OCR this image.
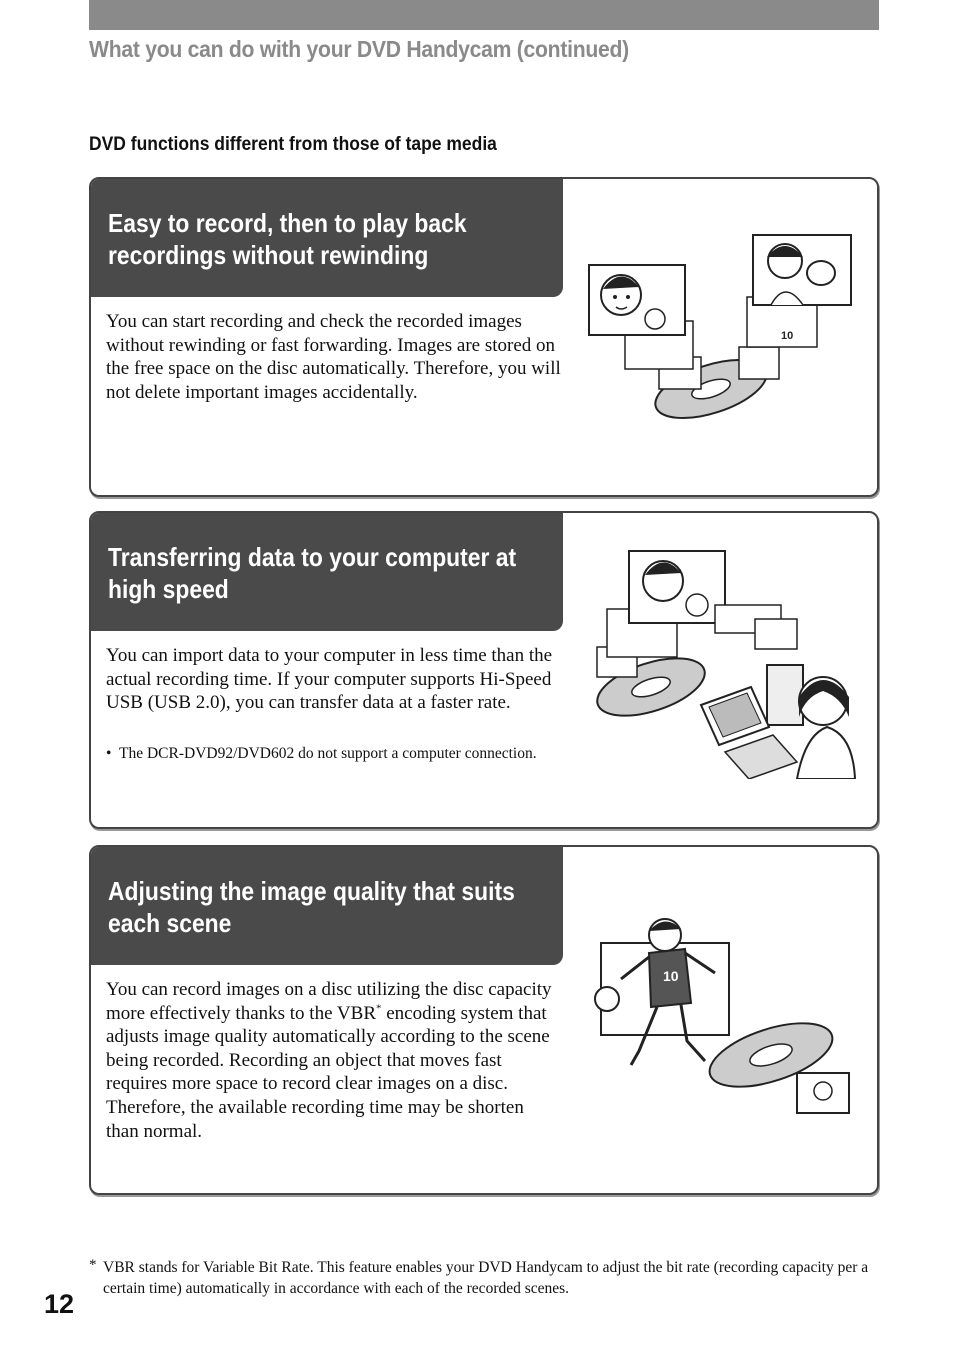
What you can do with your DVD Handycam (continued)
DVD functions different from those of tape media
Easy to record, then to play back recordings without rewinding

You can start recording and check the recorded images without rewinding or fast forwarding. Images are stored on the free space on the disc automatically. Therefore, you will not delete important images accidentally.

10
Transferring data to your computer at high speed

You can import data to your computer in less time than the actual recording time. If your computer supports Hi-Speed USB (USB 2.0), you can transfer data at a faster rate.

• The DCR-DVD92/DVD602 do not support a computer connection.

Adjusting the image quality that suits each scene

You can record images on a disc utilizing the disc capacity more effectively thanks to the VBR* encoding system that adjusts image quality automatically according to the scene being recorded. Recording an object that moves fast requires more space to record clear images on a disc. Therefore, the available recording time may be shorten than normal.

10

* VBR stands for Variable Bit Rate. This feature enables your DVD Handycam to adjust the bit rate (recording capacity per a certain time) automatically in accordance with each of the recorded scenes.

12
